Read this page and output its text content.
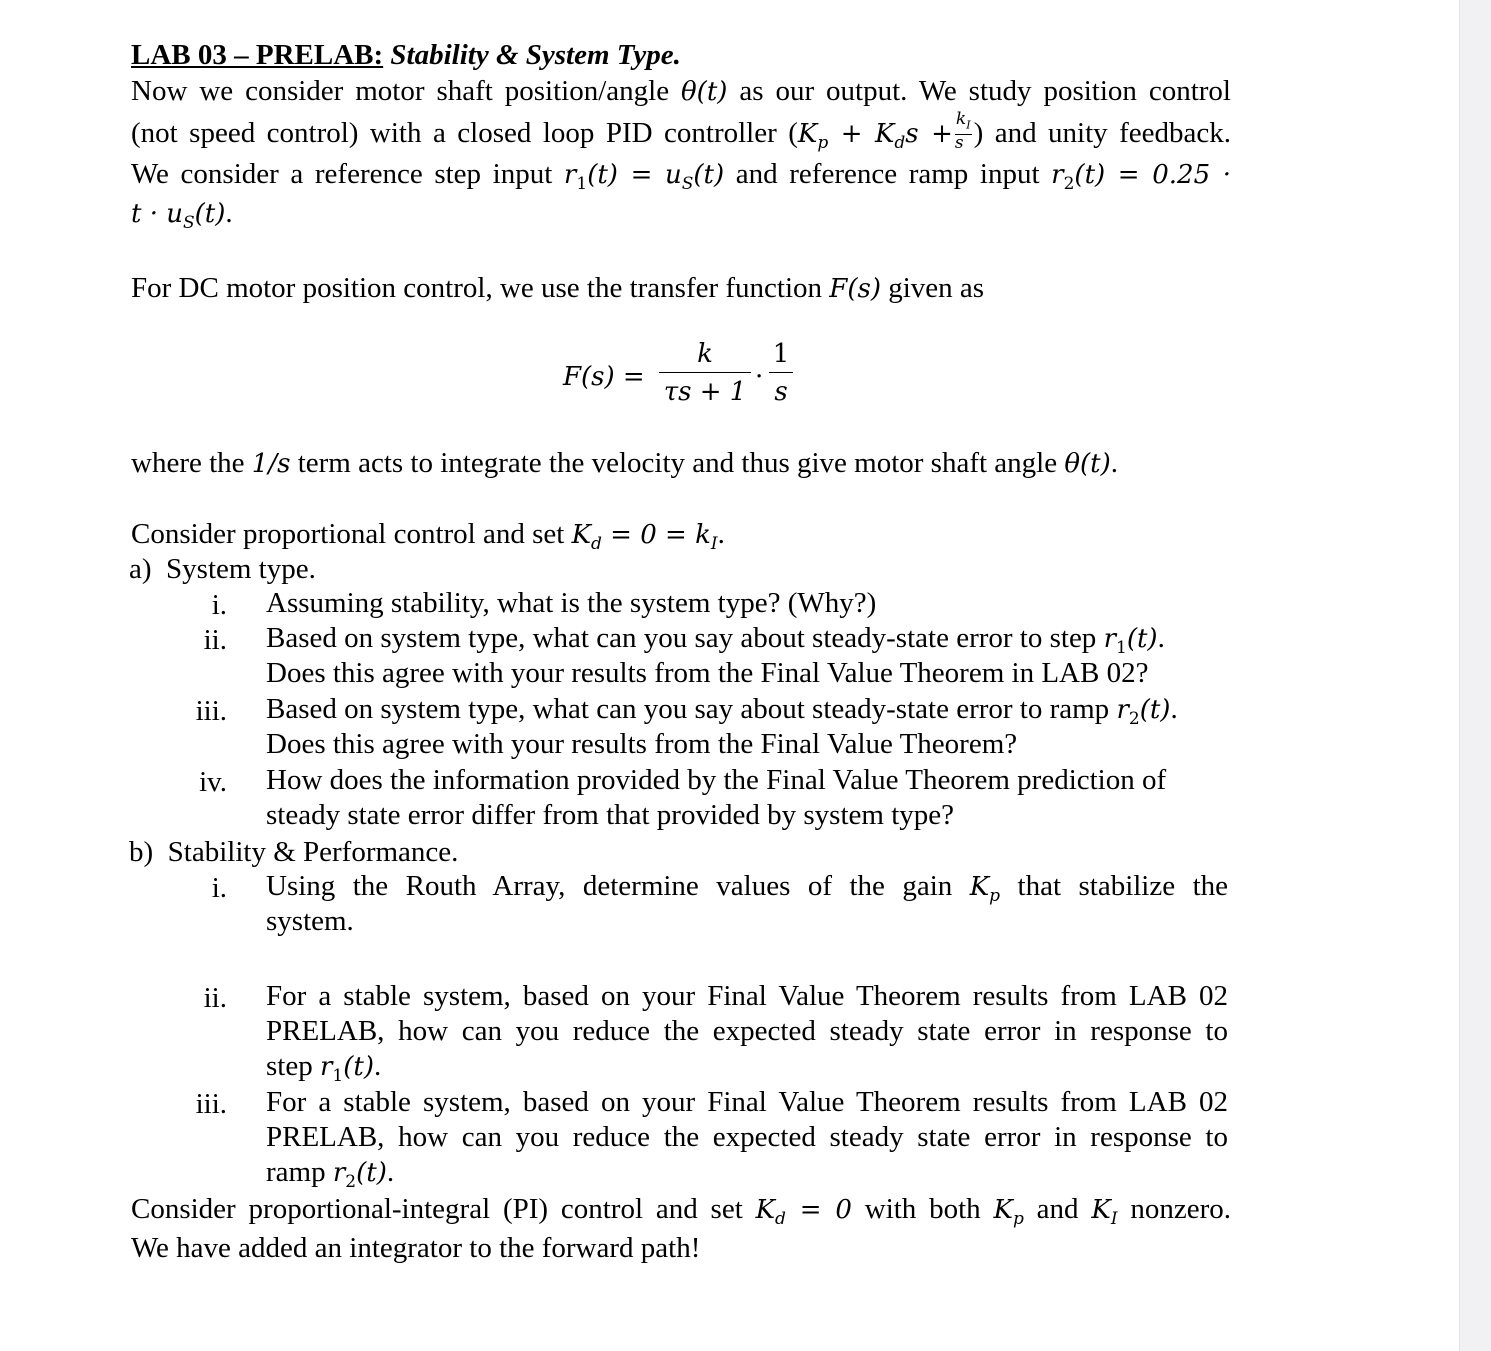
LAB 03 – PRELAB: Stability & System Type.
Now we consider motor shaft position/angle θ(t) as our output. We study position control
(not speed control) with a closed loop PID controller ($K_p + K_ds + \frac{k_I}{s}$ ) and unity feedback.
We consider a reference step input $r_1(t) = u_S(t)$ and reference ramp input $r_2(t) = 0.25$ ·
$t \cdot u_S(t)$.
For DC motor position control, we use the transfer function F(s) given as
$F(s) = \frac{k}{\tau s + 1} \cdot \frac{1}{s}$
where the 1/s term acts to integrate the velocity and thus give motor shaft angle θ(t).
Consider proportional control and set $K_d = 0 = k_I$.
a) System type.
i. Assuming stability, what is the system type? (Why?)
ii. Based on system type, what can you say about steady-state error to step $r_1(t)$.
Does this agree with your results from the Final Value Theorem in LAB 02?
iii. Based on system type, what can you say about steady-state error to ramp $r_2(t)$.
Does this agree with your results from the Final Value Theorem?
iv. How does the information provided by the Final Value Theorem prediction of
steady state error differ from that provided by system type?
b) Stability & Performance.
i. Using the Routh Array, determine values of the gain $K_p$ that stabilize the
system.
ii. For a stable system, based on your Final Value Theorem results from LAB 02
PRELAB, how can you reduce the expected steady state error in response to
step $r_1(t)$.
iii. For a stable system, based on your Final Value Theorem results from LAB 02
PRELAB, how can you reduce the expected steady state error in response to
ramp $r_2(t)$.
Consider proportional-integral (PI) control and set $K_d = 0$ with both $K_p$ and $K_I$ nonzero.
We have added an integrator to the forward path!
